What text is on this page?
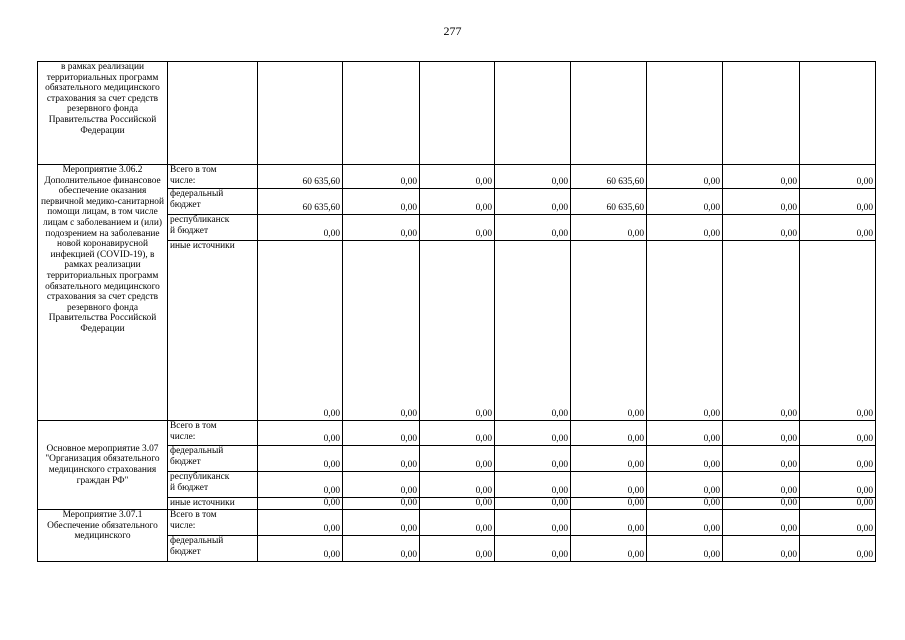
277
в рамках реализации территориальных программ обязательного медицинского страхования за счет средств резервного фонда Правительства Российской Федерации									
Мероприятие 3.06.2 Дополнительное финансовое обеспечение оказания первичной медико-санитарной помощи лицам, в том числе лицам с заболеванием и (или) подозрением на заболевание новой коронавирусной инфекцией (COVID-19), в рамках реализации территориальных программ обязательного медицинского страхования за счет средств резервного фонда Правительства Российской Федерации	Всего в том
числе:	60 635,60	0,00	0,00	0,00	60 635,60	0,00	0,00	0,00
	федеральный
бюджет	60 635,60	0,00	0,00	0,00	60 635,60	0,00	0,00	0,00
	республиканск
й бюджет	0,00	0,00	0,00	0,00	0,00	0,00	0,00	0,00
	иные источники	0,00	0,00	0,00	0,00	0,00	0,00	0,00	0,00
Основное мероприятие 3.07 "Организация обязательного медицинского страхования граждан РФ"	Всего в том
числе:	0,00	0,00	0,00	0,00	0,00	0,00	0,00	0,00
	федеральный
бюджет	0,00	0,00	0,00	0,00	0,00	0,00	0,00	0,00
	республиканск
й бюджет	0,00	0,00	0,00	0,00	0,00	0,00	0,00	0,00
	иные источники	0,00	0,00	0,00	0,00	0,00	0,00	0,00	0,00
Мероприятие 3.07.1 Обеспечение обязательного медицинского	Всего в том
числе:	0,00	0,00	0,00	0,00	0,00	0,00	0,00	0,00
	федеральный
бюджет	0,00	0,00	0,00	0,00	0,00	0,00	0,00	0,00
